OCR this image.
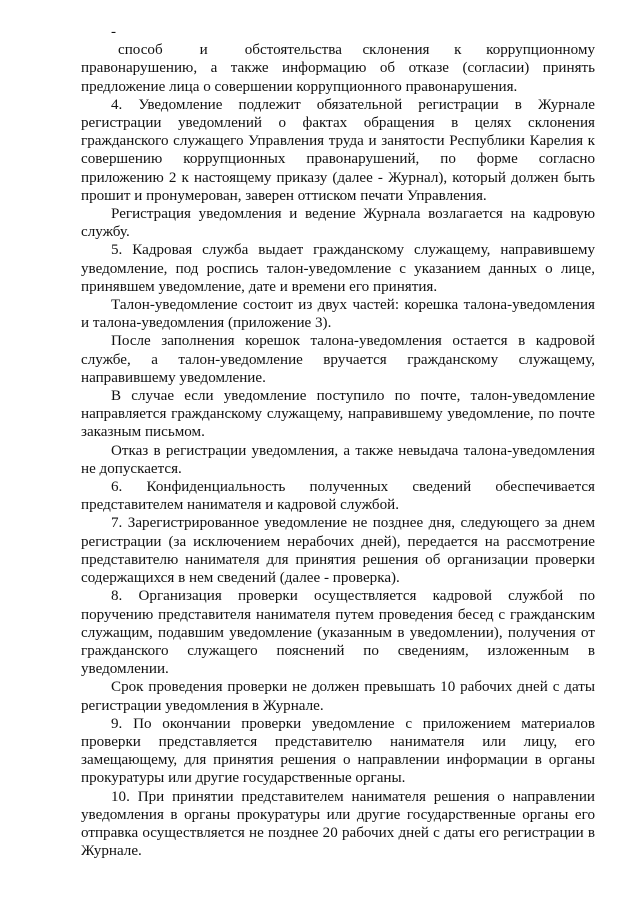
-         способ         и         обстоятельства     склонения      к      коррупционному правонарушению, а также информацию об отказе (согласии) принять предложение лица о совершении коррупционного правонарушения.

4. Уведомление подлежит обязательной регистрации в Журнале регистрации уведомлений о фактах обращения в целях склонения гражданского служащего Управления труда и занятости Республики Карелия к совершению коррупционных правонарушений, по форме согласно приложению 2 к настоящему приказу (далее - Журнал), который должен быть прошит и пронумерован, заверен оттиском печати Управления.

Регистрация уведомления и ведение Журнала возлагается на кадровую службу.

5. Кадровая служба выдает гражданскому служащему, направившему уведомление, под роспись талон-уведомление с указанием данных о лице, принявшем уведомление, дате и времени его принятия.

Талон-уведомление состоит из двух частей: корешка талона-уведомления и талона-уведомления (приложение 3).

После заполнения корешок талона-уведомления остается в кадровой службе, а талон-уведомление вручается гражданскому служащему, направившему уведомление.

В случае если уведомление поступило по почте, талон-уведомление направляется гражданскому служащему, направившему уведомление, по почте заказным письмом.

Отказ в регистрации уведомления, а также невыдача талона-уведомления не допускается.

6. Конфиденциальность полученных сведений обеспечивается представителем нанимателя и кадровой службой.

7. Зарегистрированное уведомление не позднее дня, следующего за днем регистрации (за исключением нерабочих дней), передается на рассмотрение представителю нанимателя для принятия решения об организации проверки содержащихся в нем сведений (далее - проверка).

8. Организация проверки осуществляется кадровой службой по поручению представителя нанимателя путем проведения бесед с гражданским служащим, подавшим уведомление (указанным в уведомлении), получения от гражданского служащего пояснений по сведениям, изложенным в уведомлении.

Срок проведения проверки не должен превышать 10 рабочих дней с даты регистрации уведомления в Журнале.

9. По окончании проверки уведомление с приложением материалов проверки представляется представителю нанимателя или лицу, его замещающему, для принятия решения о направлении информации в органы прокуратуры или другие государственные органы.

10. При принятии представителем нанимателя решения о направлении уведомления в органы прокуратуры или другие государственные органы его отправка осуществляется не позднее 20 рабочих дней с даты его регистрации в Журнале.
